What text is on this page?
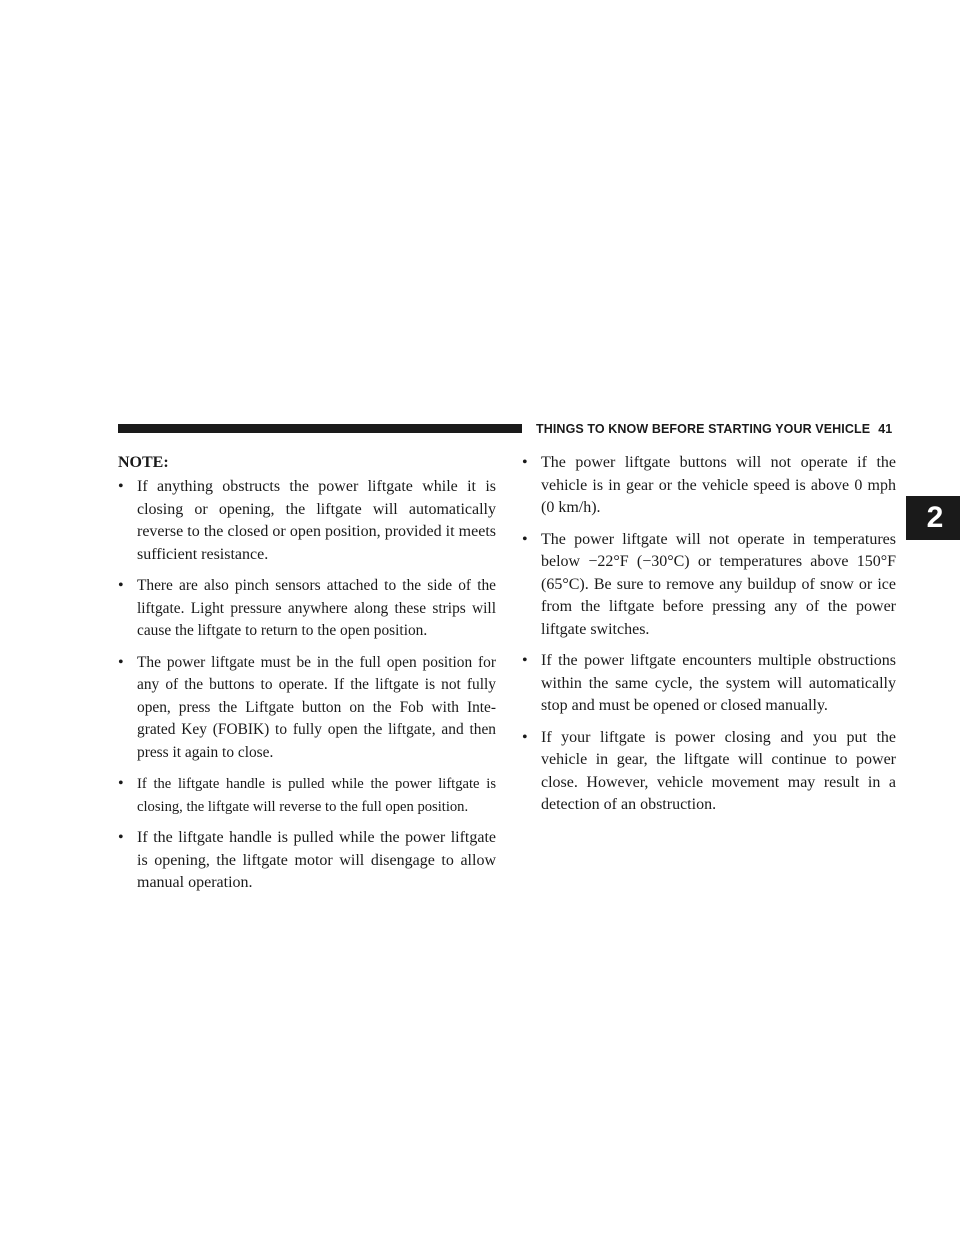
THINGS TO KNOW BEFORE STARTING YOUR VEHICLE 41
2
NOTE:
• If anything obstructs the power liftgate while it is closing or opening, the liftgate will automatically reverse to the closed or open position, provided it meets sufficient resistance.
• There are also pinch sensors attached to the side of the liftgate. Light pressure anywhere along these strips will cause the liftgate to return to the open position.
• The power liftgate must be in the full open position for any of the buttons to operate. If the liftgate is not fully open, press the Liftgate button on the Fob with Inte-grated Key (FOBIK) to fully open the liftgate, and then press it again to close.
• If the liftgate handle is pulled while the power liftgate is closing, the liftgate will reverse to the full open position.
• If the liftgate handle is pulled while the power liftgate is opening, the liftgate motor will disengage to allow manual operation.
• The power liftgate buttons will not operate if the vehicle is in gear or the vehicle speed is above 0 mph (0 km/h).
• The power liftgate will not operate in temperatures below −22°F (−30°C) or temperatures above 150°F (65°C). Be sure to remove any buildup of snow or ice from the liftgate before pressing any of the power liftgate switches.
• If the power liftgate encounters multiple obstructions within the same cycle, the system will automatically stop and must be opened or closed manually.
• If your liftgate is power closing and you put the vehicle in gear, the liftgate will continue to power close. However, vehicle movement may result in a detection of an obstruction.
